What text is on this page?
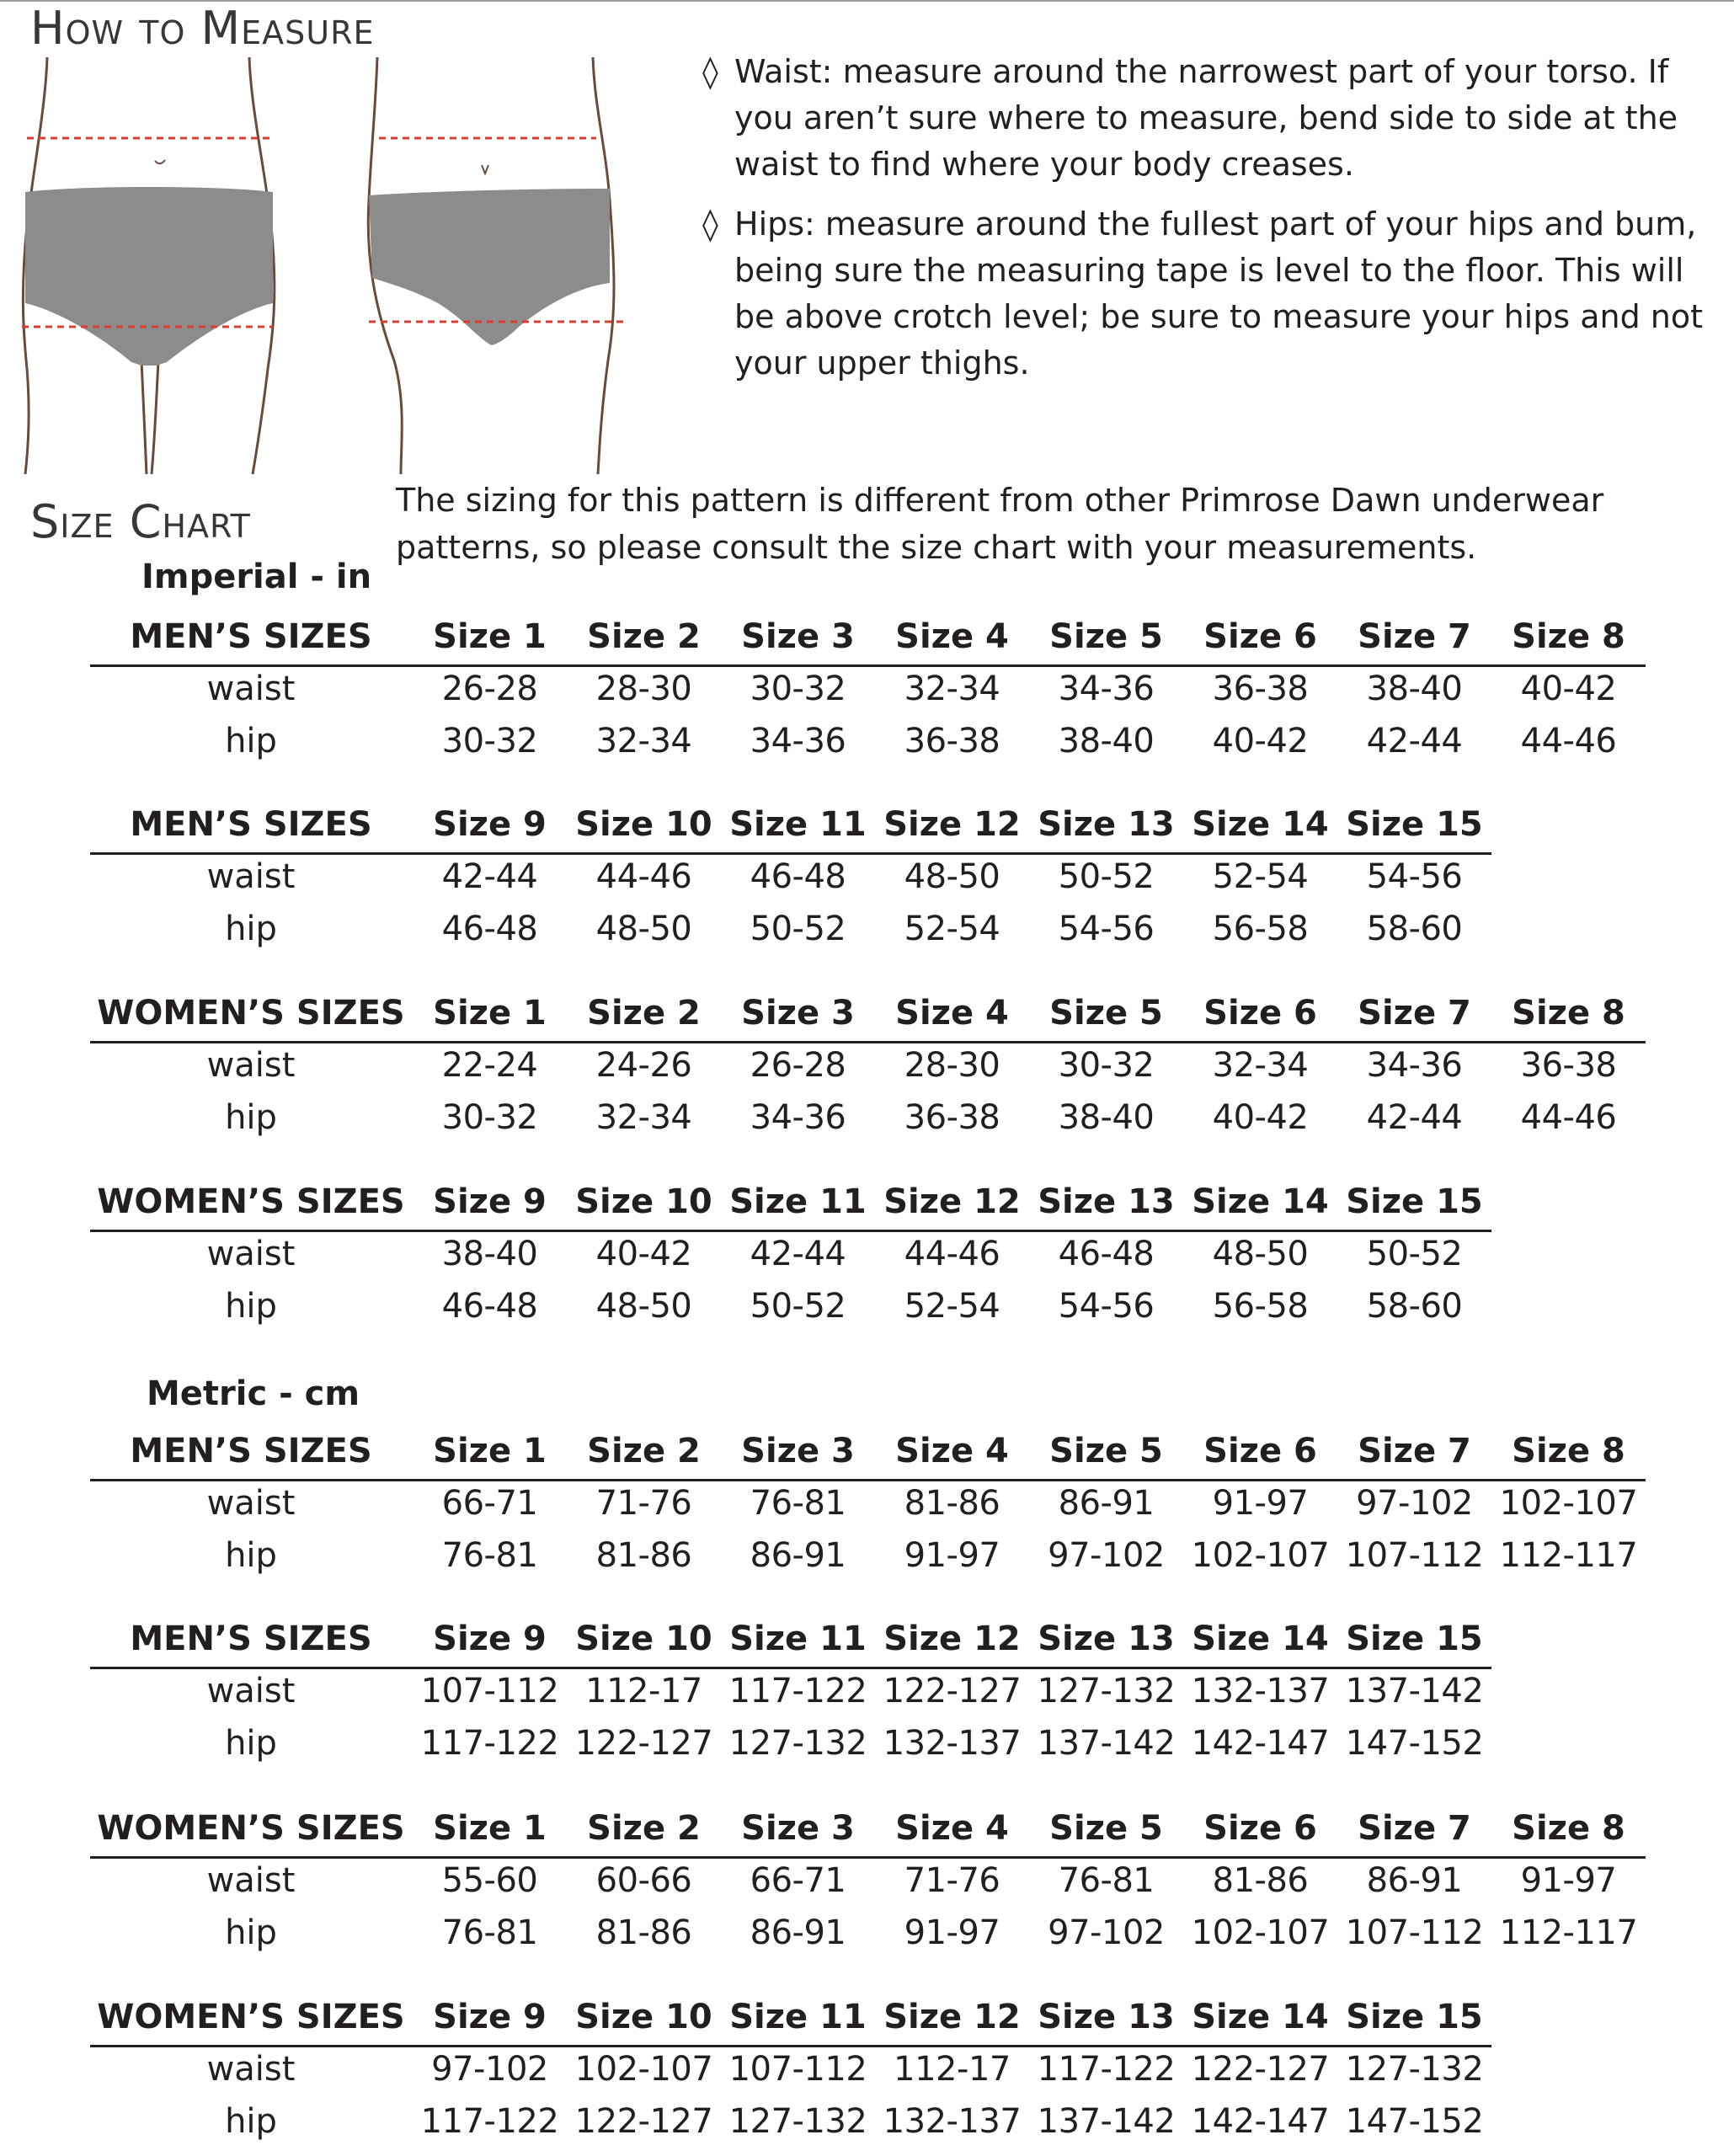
How to Measure
◊ Waist: measure around the narrowest part of your torso. If you aren’t sure where to measure, bend side to side at the waist to find where your body creases.
◊ Hips: measure around the fullest part of your hips and bum, being sure the measuring tape is level to the floor. This will be above crotch level; be sure to measure your hips and not your upper thighs.
Size Chart	The sizing for this pattern is different from other Primrose Dawn underwear patterns, so please consult the size chart with your measurements.
Imperial - in
Metric - cm
MEN’S SIZES	Size 1	Size 2	Size 3	Size 4	Size 5	Size 6	Size 7	Size 8
waist	26-28	28-30	30-32	32-34	34-36	36-38	38-40	40-42
hip	30-32	32-34	34-36	36-38	38-40	40-42	42-44	44-46
MEN’S SIZES	Size 9 Size 10 Size 11 Size 12 Size 13 Size 14 Size 15
waist	42-44	44-46	46-48	48-50	50-52	52-54	54-56
hip	46-48	48-50	50-52	52-54	54-56	56-58	58-60
WOMEN’S SIZES Size 1	Size 2	Size 3	Size 4	Size 5	Size 6	Size 7	Size 8
waist	22-24	24-26	26-28	28-30	30-32	32-34	34-36	36-38
hip	30-32	32-34	34-36	36-38	38-40	40-42	42-44	44-46
WOMEN’S SIZES Size 9 Size 10 Size 11 Size 12 Size 13 Size 14 Size 15
waist	38-40	40-42	42-44	44-46	46-48	48-50	50-52
hip	46-48	48-50	50-52	52-54	54-56	56-58	58-60
MEN’S SIZES	Size 1	Size 2	Size 3	Size 4	Size 5	Size 6	Size 7	Size 8
waist	66-71	71-76	76-81	81-86	86-91	91-97	97-102 102-107
hip	76-81	81-86	86-91	91-97	97-102 102-107 107-112 112-117
MEN’S SIZES	Size 9 Size 10 Size 11 Size 12 Size 13 Size 14 Size 15
waist	107-112 112-17 117-122 122-127 127-132 132-137 137-142
hip	117-122 122-127 127-132 132-137 137-142 142-147 147-152
WOMEN’S SIZES Size 1	Size 2	Size 3	Size 4	Size 5	Size 6	Size 7	Size 8
waist	55-60	60-66	66-71	71-76	76-81	81-86	86-91	91-97
hip	76-81	81-86	86-91	91-97	97-102 102-107 107-112 112-117
WOMEN’S SIZES Size 9 Size 10 Size 11 Size 12 Size 13 Size 14 Size 15
waist	97-102 102-107 107-112 112-17 117-122 122-127 127-132
hip	117-122 122-127 127-132 132-137 137-142 142-147 147-152
